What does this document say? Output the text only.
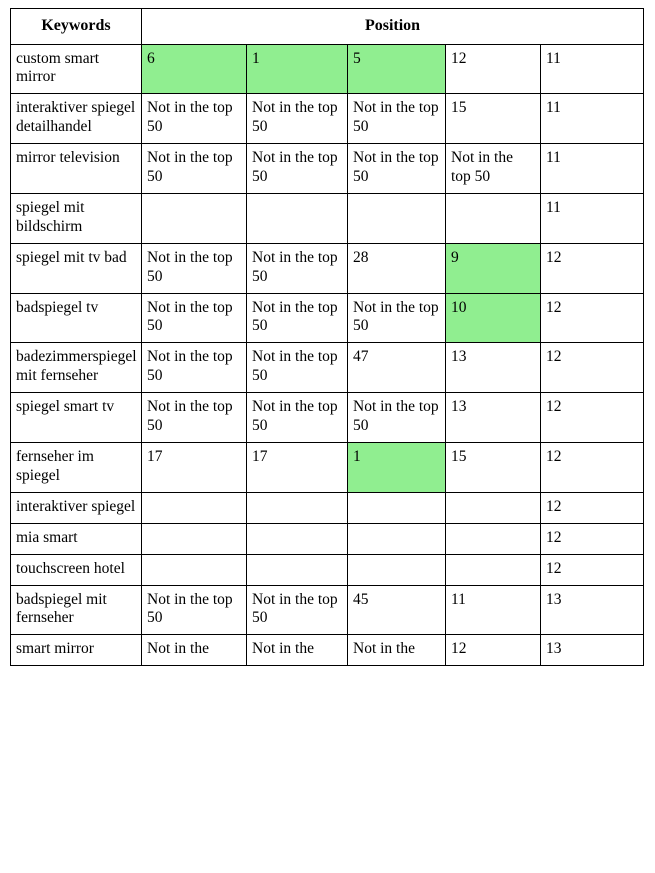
Keywords	Position				
custom smart mirror	6	1	5	12	11
interaktiver spiegel detailhandel	Not in the top 50	Not in the top 50	Not in the top 50	15	11
mirror television	Not in the top 50	Not in the top 50	Not in the top 50	Not in the top 50	11
spiegel mit bildschirm					11
spiegel mit tv bad	Not in the top 50	Not in the top 50	28	9	12
badspiegel tv	Not in the top 50	Not in the top 50	Not in the top 50	10	12
badezimmerspiegel mit fernseher	Not in the top 50	Not in the top 50	47	13	12
spiegel smart tv	Not in the top 50	Not in the top 50	Not in the top 50	13	12
fernseher im spiegel	17	17	1	15	12
interaktiver spiegel					12
mia smart					12
touchscreen hotel					12
badspiegel mit fernseher	Not in the top 50	Not in the top 50	45	11	13
smart mirror	Not in the	Not in the	Not in the	12	13
